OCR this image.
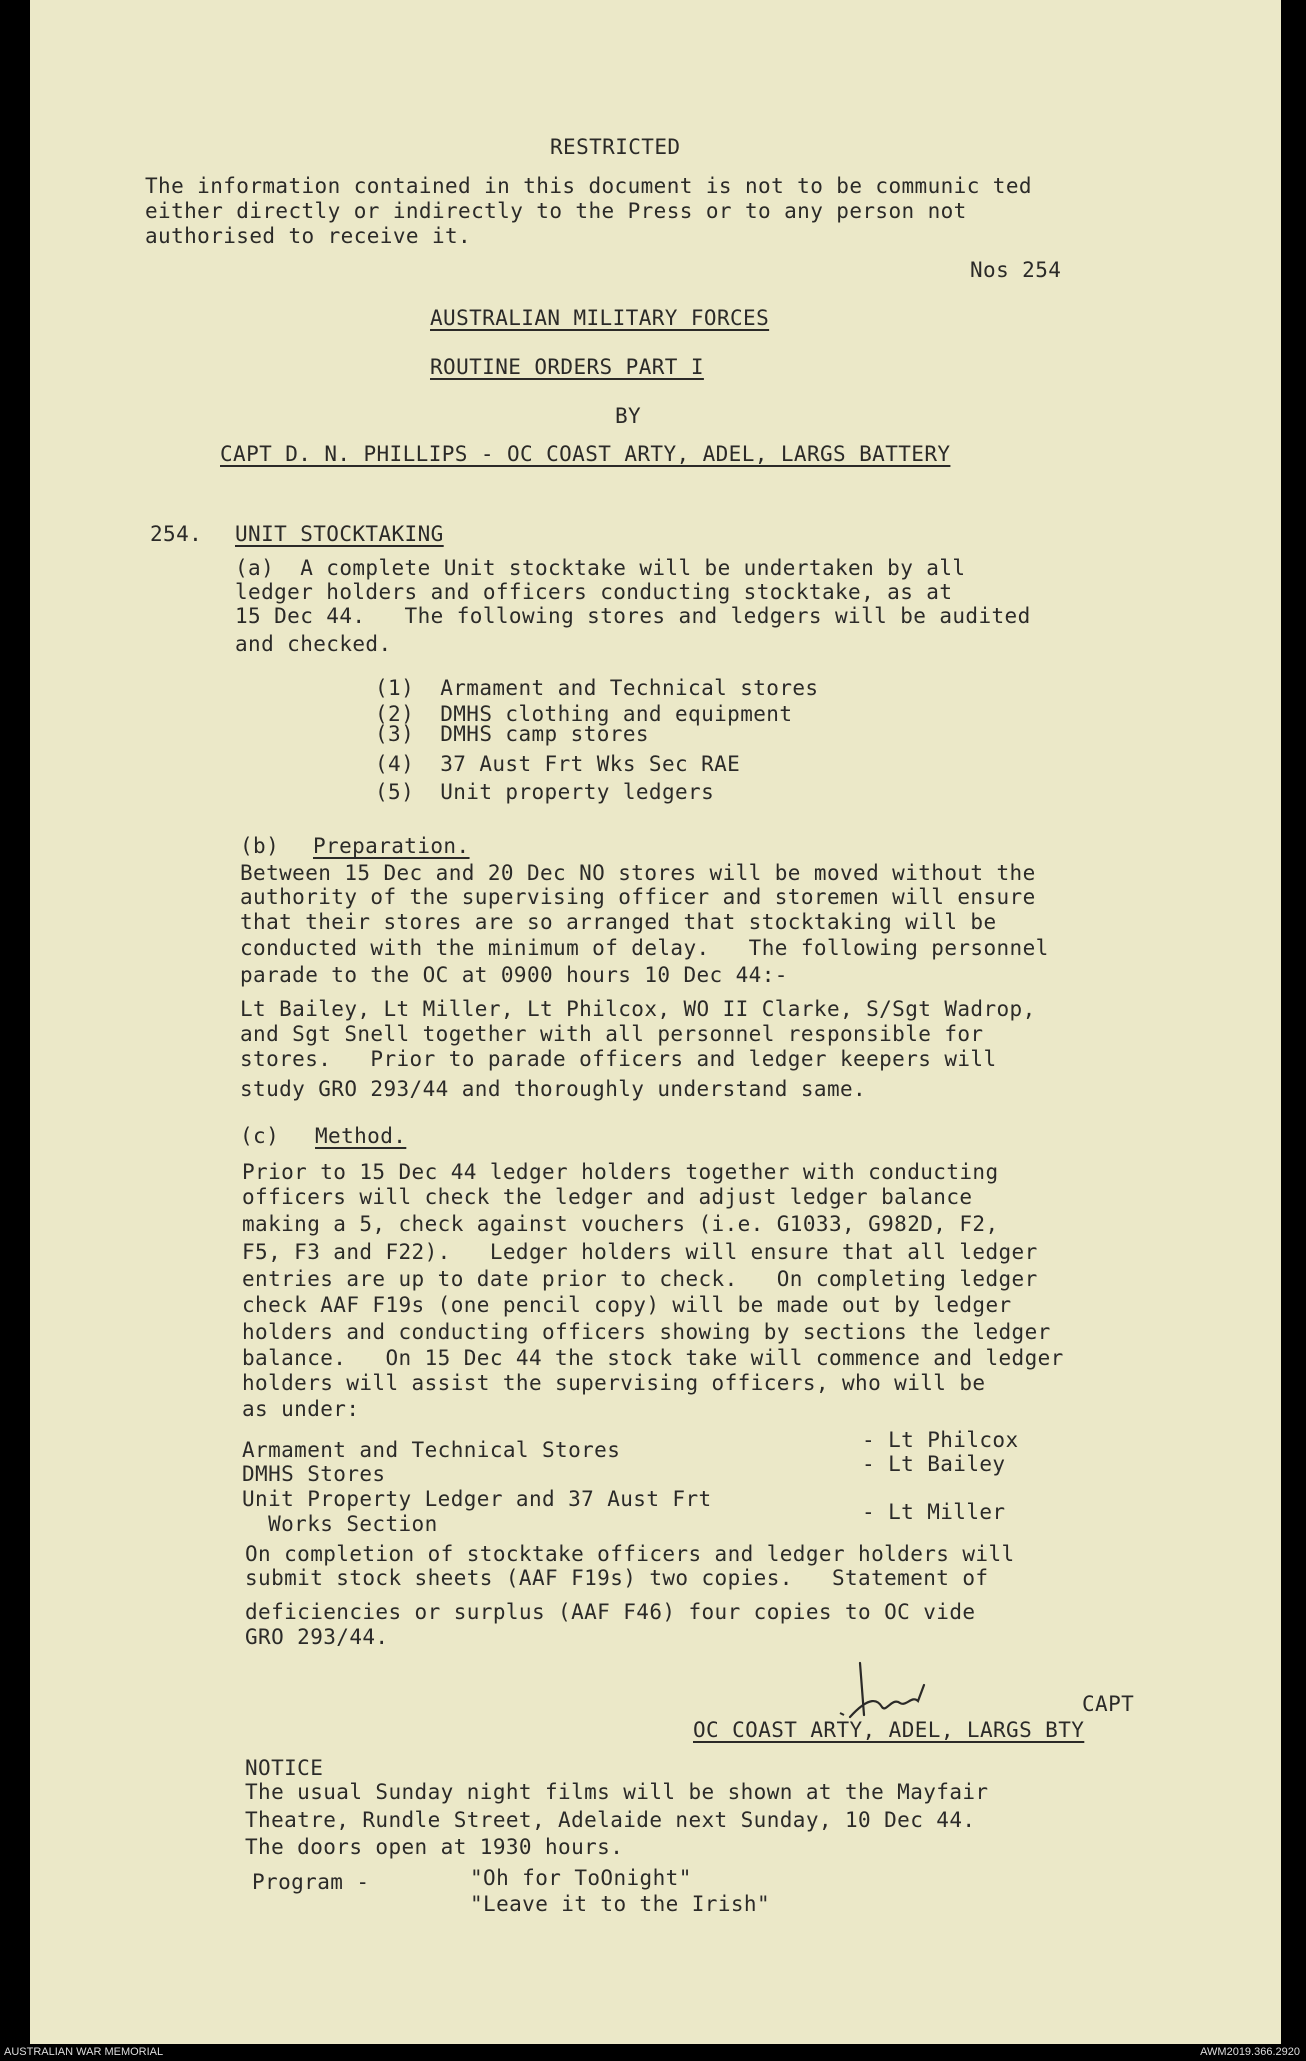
RESTRICTED
The information contained in this document is not to be communic ted
either directly or indirectly to the Press or to any person not
authorised to receive it.
Nos 254
AUSTRALIAN MILITARY FORCES
ROUTINE ORDERS PART I
BY
CAPT D. N. PHILLIPS - OC COAST ARTY, ADEL, LARGS BATTERY
254. UNIT STOCKTAKING
(a)  A complete Unit stocktake will be undertaken by all
ledger holders and officers conducting stocktake, as at
15 Dec 44.   The following stores and ledgers will be audited
and checked.
(1)  Armament and Technical stores
(2)  DMHS clothing and equipment
(3)  DMHS camp stores
(4)  37 Aust Frt Wks Sec RAE
(5)  Unit property ledgers
(b) Preparation.
Between 15 Dec and 20 Dec NO stores will be moved without the
authority of the supervising officer and storemen will ensure
that their stores are so arranged that stocktaking will be
conducted with the minimum of delay.   The following personnel
parade to the OC at 0900 hours 10 Dec 44:-
Lt Bailey, Lt Miller, Lt Philcox, WO II Clarke, S/Sgt Wadrop,
and Sgt Snell together with all personnel responsible for
stores.   Prior to parade officers and ledger keepers will
study GRO 293/44 and thoroughly understand same.
(c) Method.
Prior to 15 Dec 44 ledger holders together with conducting
officers will check the ledger and adjust ledger balance
making a 5, check against vouchers (i.e. G1033, G982D, F2,
F5, F3 and F22).   Ledger holders will ensure that all ledger
entries are up to date prior to check.   On completing ledger
check AAF F19s (one pencil copy) will be made out by ledger
holders and conducting officers showing by sections the ledger
balance.   On 15 Dec 44 the stock take will commence and ledger
holders will assist the supervising officers, who will be
as under:
Armament and Technical Stores	- Lt Philcox
DMHS Stores	- Lt Bailey
Unit Property Ledger and 37 Aust Frt
Works Section	- Lt Miller
On completion of stocktake officers and ledger holders will
submit stock sheets (AAF F19s) two copies.   Statement of
deficiencies or surplus (AAF F46) four copies to OC vide
GRO 293/44.
CAPT
OC COAST ARTY, ADEL, LARGS BTY
NOTICE
The usual Sunday night films will be shown at the Mayfair
Theatre, Rundle Street, Adelaide next Sunday, 10 Dec 44.
The doors open at 1930 hours.
Program -	"Oh for ToOnight"
"Leave it to the Irish"
AUSTRALIAN WAR MEMORIAL	AWM2019.366.2920
